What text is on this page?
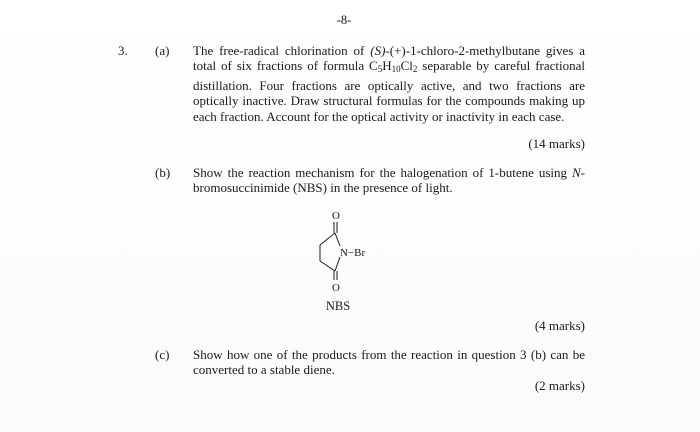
-8-
3. (a) The free-radical chlorination of (S)-(+)-1-chloro-2-methylbutane gives a total of six fractions of formula $C_5H_{10}Cl_2$ separable by careful fractional distillation. Four fractions are optically active, and two fractions are optically inactive. Draw structural formulas for the compounds making up each fraction. Account for the optical activity or inactivity in each case.
(14 marks)
(b) Show the reaction mechanism for the halogenation of 1-butene using N-bromosuccinimide (NBS) in the presence of light.
O
O
N−Br
NBS
(4 marks)
(c) Show how one of the products from the reaction in question 3 (b) can be converted to a stable diene.
(2 marks)
